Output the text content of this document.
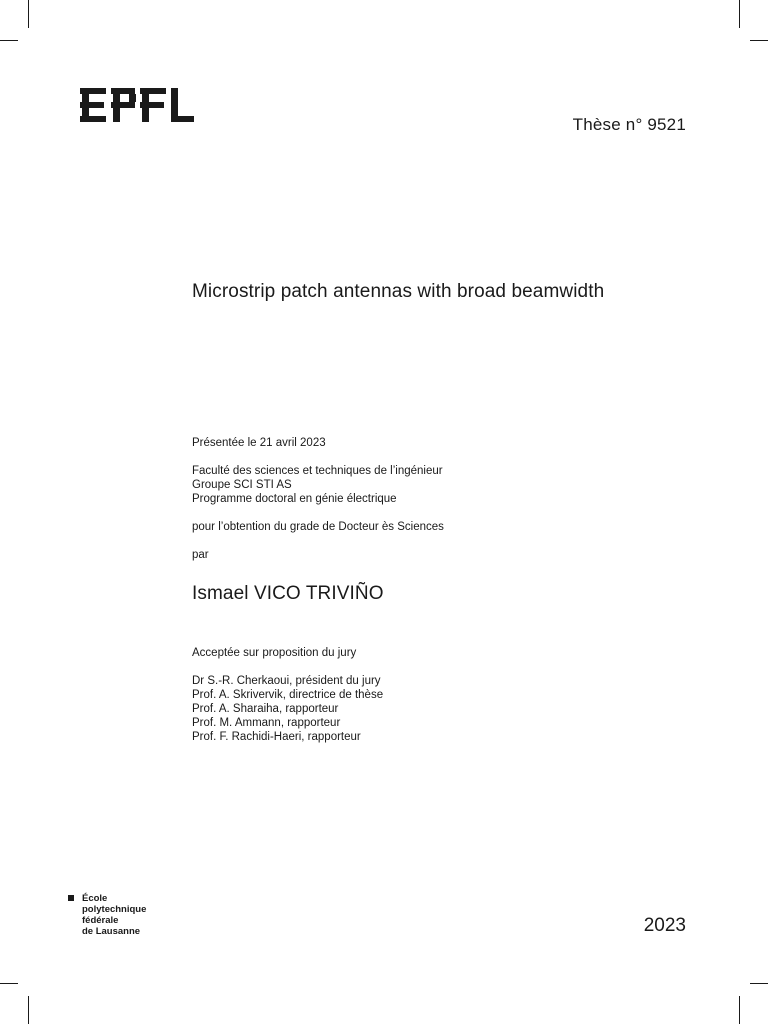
Thèse n° 9521
Microstrip patch antennas with broad beamwidth
Présentée le 21 avril 2023
Faculté des sciences et techniques de l’ingénieur
Groupe SCI STI AS
Programme doctoral en génie électrique
pour l’obtention du grade de Docteur ès Sciences
par
Ismael VICO TRIVIÑO
Acceptée sur proposition du jury
Dr S.-R. Cherkaoui, président du jury
Prof. A. Skrivervik, directrice de thèse
Prof. A. Sharaiha, rapporteur
Prof. M. Ammann, rapporteur
Prof. F. Rachidi-Haeri, rapporteur
École
polytechnique
fédérale
de Lausanne	2023
